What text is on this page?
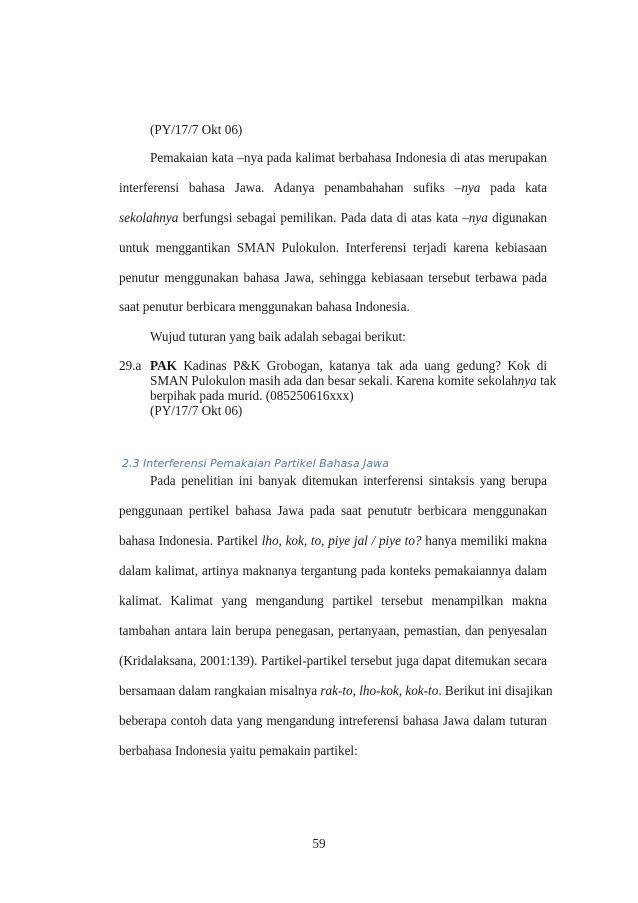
(PY/17/7 Okt 06)
Pemakaian kata –nya pada kalimat berbahasa Indonesia di atas merupakan
interferensi bahasa Jawa. Adanya penambahahan sufiks –nya pada kata
sekolahnya berfungsi sebagai pemilikan. Pada data di atas kata –nya digunakan
untuk menggantikan SMAN Pulokulon. Interferensi terjadi karena kebiasaan
penutur menggunakan bahasa Jawa, sehingga kebiasaan tersebut terbawa pada
saat penutur berbicara menggunakan bahasa Indonesia.
Wujud tuturan yang baik adalah sebagai berikut:
29.a PAK Kadinas P&K Grobogan, katanya tak ada uang gedung? Kok di
SMAN Pulokulon masih ada dan besar sekali. Karena komite sekolahnya tak
berpihak pada murid. (085250616xxx)
(PY/17/7 Okt 06)
2.3 Interferensi Pemakaian Partikel Bahasa Jawa
Pada penelitian ini banyak ditemukan interferensi sintaksis yang berupa
penggunaan pertikel bahasa Jawa pada saat penututr berbicara menggunakan
bahasa Indonesia. Partikel lho, kok, to, piye jal / piye to? hanya memiliki makna
dalam kalimat, artinya maknanya tergantung pada konteks pemakaiannya dalam
kalimat. Kalimat yang mengandung partikel tersebut menampilkan makna
tambahan antara lain berupa penegasan, pertanyaan, pemastian, dan penyesalan
(Kridalaksana, 2001:139). Partikel-partikel tersebut juga dapat ditemukan secara
bersamaan dalam rangkaian misalnya rak-to, lho-kok, kok-to. Berikut ini disajikan
beberapa contoh data yang mengandung intreferensi bahasa Jawa dalam tuturan
berbahasa Indonesia yaitu pemakain partikel:
59
